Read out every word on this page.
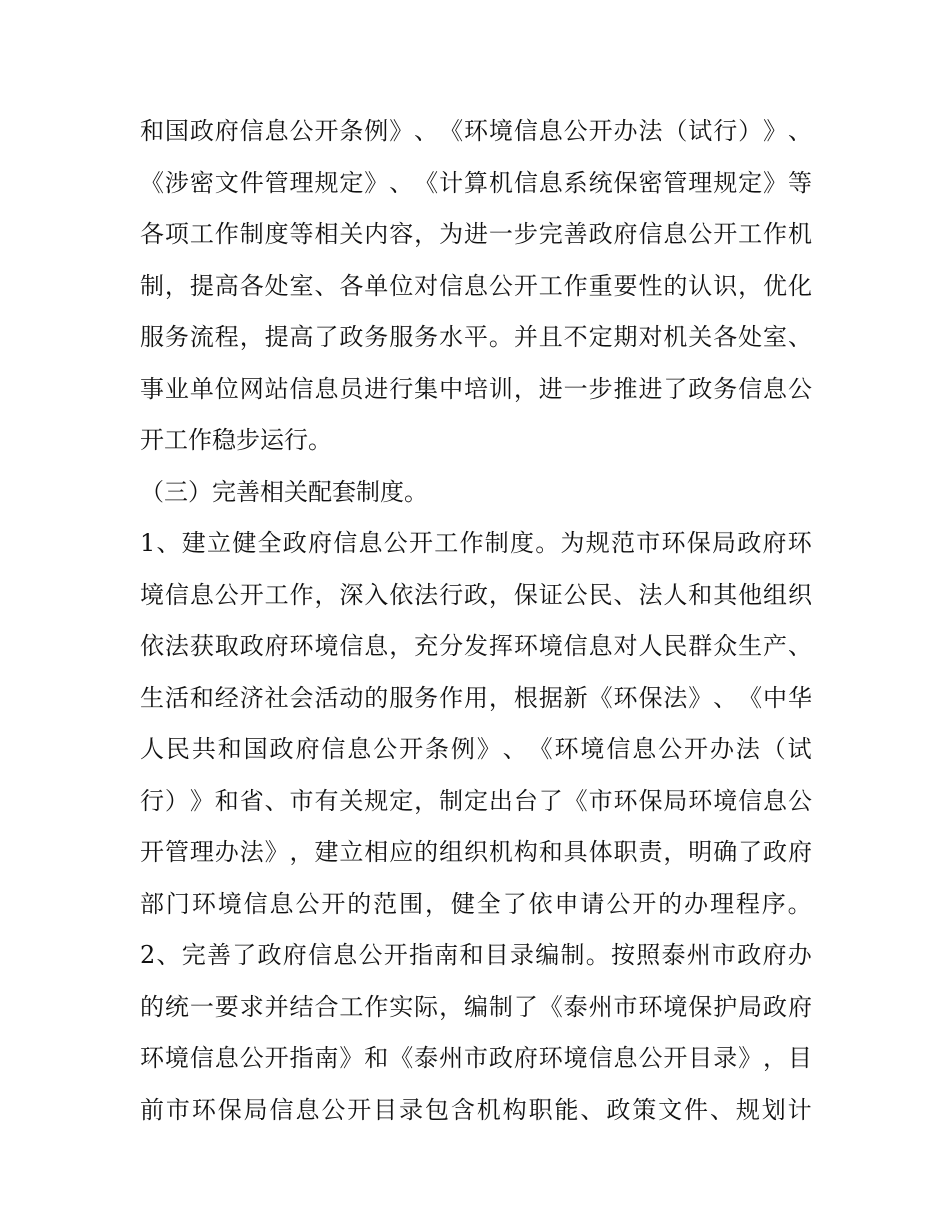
和 国 政 府 信 息 公 开 条 例 》 、 《 环 境 信 息 公 开 办 法 （ 试 行 ） 》 、
《 涉 密 文 件 管 理 规 定 》 、 《 计 算 机 信 息 系 统 保 密 管 理 规 定 》 等
各 项 工 作 制 度 等 相 关 内 容 ， 为 进 一 步 完 善 政 府 信 息 公 开 工 作 机
制 ， 提 高 各 处 室 、 各 单 位 对 信 息 公 开 工 作 重 要 性 的 认 识 ， 优 化
服 务 流 程 ， 提 高 了 政 务 服 务 水 平 。 并 且 不 定 期 对 机 关 各 处 室 、
事 业 单 位 网 站 信 息 员 进 行 集 中 培 训 ， 进 一 步 推 进 了 政 务 信 息 公
开工作稳步运行。
（三）完善相关配套制度。
1 、 建 立 健 全 政 府 信 息 公 开 工 作 制 度 。 为 规 范 市 环 保 局 政 府 环
境 信 息 公 开 工 作 ， 深 入 依 法 行 政 ， 保 证 公 民 、 法 人 和 其 他 组 织
依 法 获 取 政 府 环 境 信 息 ， 充 分 发 挥 环 境 信 息 对 人 民 群 众 生 产 、
生 活 和 经 济 社 会 活 动 的 服 务 作 用 ， 根 据 新 《 环 保 法 》 、 《 中 华
人 民 共 和 国 政 府 信 息 公 开 条 例 》 、 《 环 境 信 息 公 开 办 法 （ 试
行 ） 》 和 省 、 市 有 关 规 定 ， 制 定 出 台 了 《 市 环 保 局 环 境 信 息 公
开 管 理 办 法 》 ， 建 立 相 应 的 组 织 机 构 和 具 体 职 责 ， 明 确 了 政 府
部 门 环 境 信 息 公 开 的 范 围 ， 健 全 了 依 申 请 公 开 的 办 理 程 序 。
2 、 完 善 了 政 府 信 息 公 开 指 南 和 目 录 编 制 。 按 照 泰 州 市 政 府 办
的 统 一 要 求 并 结 合 工 作 实 际 ， 编 制 了 《 泰 州 市 环 境 保 护 局 政 府
环 境 信 息 公 开 指 南 》 和 《 泰 州 市 政 府 环 境 信 息 公 开 目 录 》 ， 目
前 市 环 保 局 信 息 公 开 目 录 包 含 机 构 职 能 、 政 策 文 件 、 规 划 计
